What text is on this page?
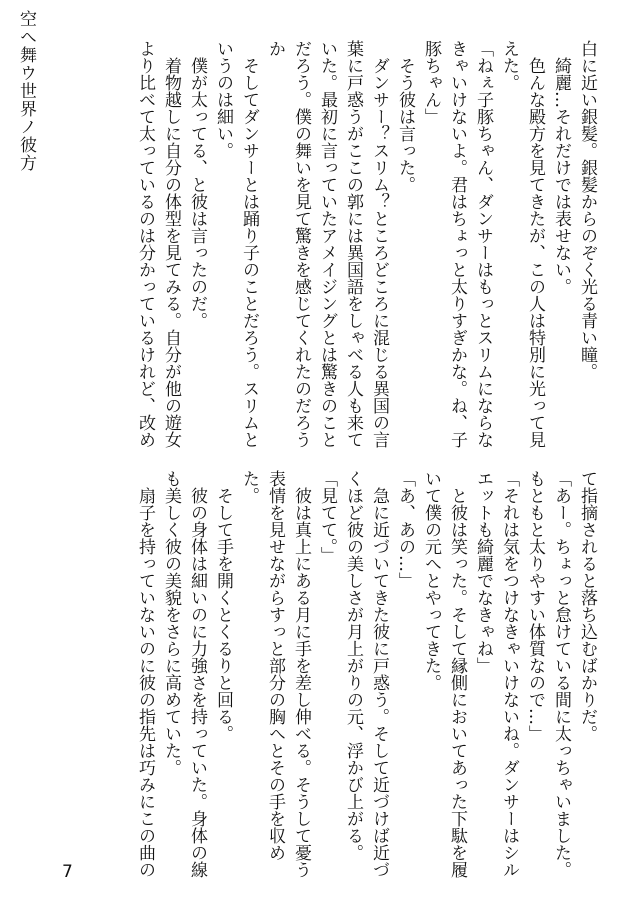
空へ舞ウ世界ノ彼方	白に近い銀髪。銀髪からのぞく光る青い瞳。
　綺麗…それだけでは表せない。
　色んな殿方を見てきたが、この人は特別に光って見
えた。
「ねぇ子豚ちゃん、ダンサーはもっとスリムにならな
きゃいけないよ。君はちょっと太りすぎかな。ね、子
豚ちゃん」
　そう彼は言った。
　ダンサー？スリム？ところどころに混じる異国の言
葉に戸惑うがここの郭には異国語をしゃべる人も来て
いた。最初に言っていたアメイジングとは驚きのこと
だろう。僕の舞いを見て驚きを感じてくれたのだろう
か
　そしてダンサーとは踊り子のことだろう。スリムと
いうのは細い。
　僕が太ってる、と彼は言ったのだ。
　着物越しに自分の体型を見てみる。自分が他の遊女
より比べて太っているのは分かっているけれど、改め
て指摘されると落ち込むばかりだ。
「あー。ちょっと怠けている間に太っちゃいました。
もともと太りやすい体質なので…」
「それは気をつけなきゃいけないね。ダンサーはシル
エットも綺麗でなきゃね」
　と彼は笑った。そして縁側においてあった下駄を履
いて僕の元へとやってきた。
「あ、あの…」
　急に近づいてきた彼に戸惑う。そして近づけば近づ
くほど彼の美しさが月上がりの元、浮かび上がる。
「見てて。」
　彼は真上にある月に手を差し伸べる。そうして憂う
表情を見せながらすっと部分の胸へとその手を収め
た。
　そして手を開くとくるりと回る。
　彼の身体は細いのに力強さを持っていた。身体の線
も美しく彼の美貌をさらに高めていた。
　扇子を持っていないのに彼の指先は巧みにこの曲の
7
